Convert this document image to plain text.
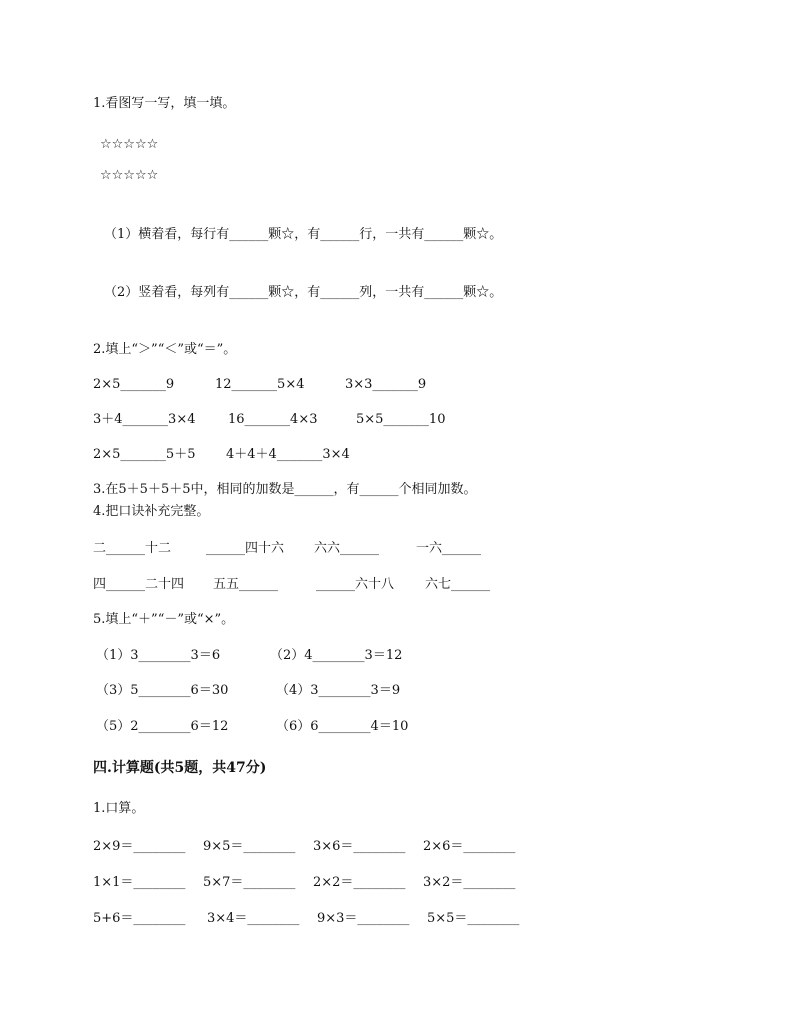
1.看图写一写，填一填。
☆☆☆☆☆
☆☆☆☆☆
（1）横着看，每行有______颗☆，有______行，一共有______颗☆。
（2）竖着看，每列有______颗☆，有______列，一共有______颗☆。
2.填上“＞”“＜”或“＝”。
2×5_______9	12_______5×4	3×3_______9
3＋4_______3×4	16_______4×3	5×5_______10
2×5_______5＋5 4＋4＋4_______3×4
3.在5＋5＋5＋5中，相同的加数是______，有______个相同加数。
4.把口诀补充完整。
二______十二	______四十六 六六______	一六______
四______二十四 五五______	______六十八 六七______
5.填上“＋”“－”或“×”。
（1）3________3＝6	（2）4________3＝12
（3）5________6＝30	（4）3________3＝9
（5）2________6＝12	（6）6________4＝10
四.计算题(共5题，共47分)
1.口算。
2×9＝________ 9×5＝________ 3×6＝________ 2×6＝________
1×1＝________ 5×7＝________ 2×2＝________ 3×2＝________
5+6＝________ 3×4＝________ 9×3＝________ 5×5＝________
